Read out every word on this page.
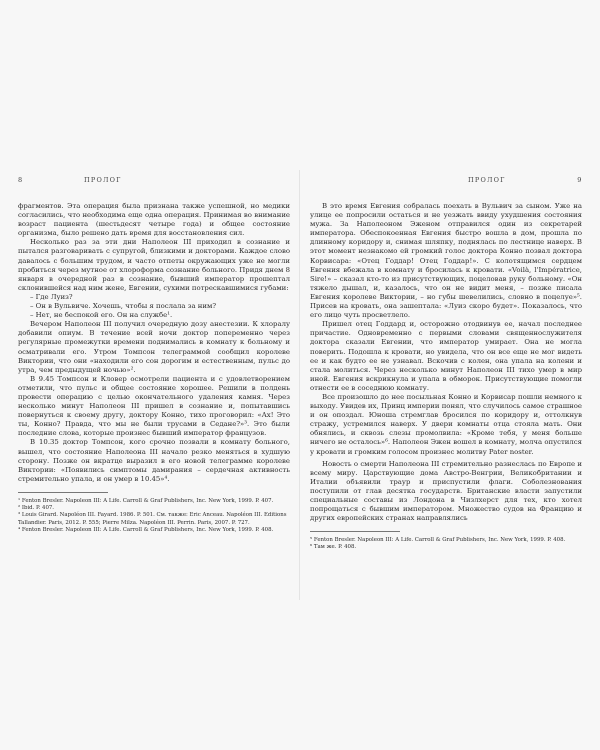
8	ПРОЛОГ

фрагментов. Эта операция была признана также успешной, но медики согласились, что необходима еще одна операция. Принимая во внимание возраст пациента (шестьдесят четыре года) и общее состояние организма, было решено дать время для восстановления сил.

Несколько раз за эти дни Наполеон III приходил в сознание и пытался разговаривать с супругой, близкими и докторами. Каждое слово давалось с большим трудом, и часто отпеты окружающих уже не могли пробиться через мутное от хлороформа сознание больного. Придя днем 8 января в очередной раз в сознание, бывший император прошептал склонившейся над ним жене, Евгении, сухими потрескавшимися губами:

– Где Луиз?

– Он в Вульвиче. Хочешь, чтобы я послала за ним?

– Нет, не беспокой его. Он на службе¹.

Вечером Наполеон III получил очередную дозу анестезии. К хлоралу добавили опиум. В течение всей ночи доктор попеременно через регулярные промежутки времени поднимались в комнату к больному и осматривали его. Утром Томпсон телеграммой сообщил королеве Виктории, что они «находили его сон дорогим и естественным, пульс до утра, чем предыдущей ночью»².

В 9.45 Томпсон и Кловер осмотрели пациента и с удовлетворением отметили, что пульс и общее состояние хорошее. Решили в полдень провести операцию с целью окончательного удаления камня. Через несколько минут Наполеон III пришел в сознание и, попытавшись повернуться к своему другу, доктору Конно, тихо проговорил: «Ах! Это ты, Конно? Правда, что мы не были трусами в Седане?»³. Это были последние слова, которые произнес бывший император французов.

В 10.35 доктор Томпсон, кого срочно позвали в комнату больного, вышел, что состояние Наполеона III начало резко меняться в худшую сторону. Позже он вкратце выразил в его новой телеграмме королеве Виктории: «Появились симптомы дамирания – сердечная активность стремительно упала, и он умер в 10.45»⁴.

¹ Fenton Bresler. Napoleon III: A Life. Carroll & Graf Publishers, Inc. New York, 1999. P. 407.

² Ibid. P. 407.

³ Louis Girard. Napoléon III. Fayard. 1986. P. 501. См. также: Eric Anceau. Napoléon III. Editions Tallandier. Paris, 2012. P. 555; Pierre Milza. Napoléon III. Perrin. Paris, 2007. P. 727.

⁴ Fenton Bresler. Napoleon III: A Life. Carroll & Graf Publishers, Inc. New York, 1999. P. 408.

ПРОЛОГ	9

В это время Евгения собралась поехать в Вульвич за сыном. Уже на улице ее попросили остаться и не уезжать ввиду ухудшения состояния мужа. За Наполеоном Эженом отправился один из секретарей императора. Обеспокоенная Евгения быстро вошла в дом, прошла по длинному коридору и, снимая шляпку, поднялась по лестнице наверх. В этот момент незнакомо ей громкий голос доктора Конно позвал доктора Корвисара: «Отец Годдар! Отец Годдар!». С колотящимся сердцем Евгения вбежала в комнату и бросилась к кровати. «Voilà, l'Impératrice, Sire!» – сказал кто-то из присутствующих, поцеловав руку больному. «Он тяжело дышал, и, казалось, что он не видит меня, – позже писала Евгения королеве Виктории, – но губы шевелились, словно в поцелуе»⁵. Присев на кровать, она зашептала: «Луиз скоро будет». Показалось, что его лицо чуть просветлело.

Пришел отец Годдард и, осторожно отодвинув ее, начал последнее причастие. Одновременно с первыми словами священнослужителя доктора сказали Евгении, что император умирает. Она не могла поверить. Подошла к кровати, но увидела, что он все еще не мог видеть ее и как будто ее не узнавал. Вскочив с колен, она упала на колени и стала молиться. Через несколько минут Наполеон III тихо умер в мир иной. Евгения вскрикнула и упала в обморок. Присутствующие помогли отнести ее в соседнюю комнату.

Все произошло до нее посыльная Конно и Корвисар пошли немного к выходу. Увидев их, Принц империи понял, что случилось самое страшное и он опоздал. Юноша стремглав бросился по коридору и, оттолкнув стражу, устремился наверх. У двери комнаты отца стояла мать. Они обнялись, и сквозь слезы промолвила: «Кроме тебя, у меня больше ничего не осталось»⁶. Наполеон Эжен вошел в комнату, молча опустился у кровати и громким голосом произнес молитву Pater noster.

Новость о смерти Наполеона III стремительно разнеслась по Европе и всему миру. Царствующие дома Австро-Венгрии, Великобритании и Италии объявили траур и приспустили флаги. Соболезнования поступили от глав десятка государств. Британские власти запустили специальные составы из Лондона в Чизлхерст для тех, кто хотел попрощаться с бывшим императором. Множество судов на Францию и других европейских странах направлялись

⁵ Fenton Bresler. Napoleon III: A Life. Carroll & Graf Publishers, Inc. New York, 1999. P. 408.

⁶ Там же. P. 408.
